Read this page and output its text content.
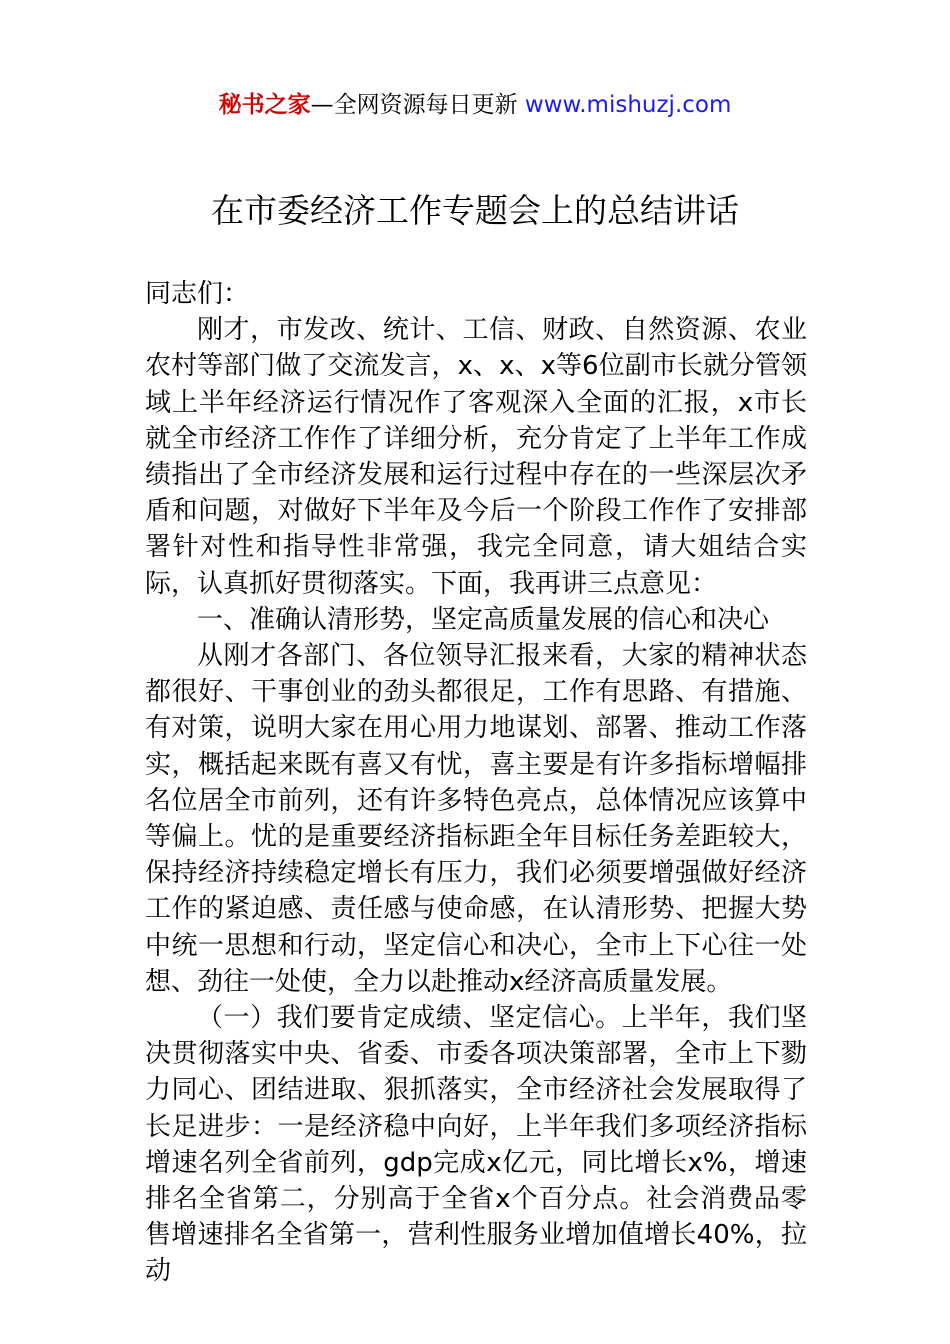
秘书之家—全网资源每日更新 www.mishuzj.com
在市委经济工作专题会上的总结讲话

同志们：

刚才，市发改、统计、工信、财政、自然资源、农业农村等部门做了交流发言，x、x、x等6位副市长就分管领域上半年经济运行情况作了客观深入全面的汇报，x市长就全市经济工作作了详细分析，充分肯定了上半年工作成绩指出了全市经济发展和运行过程中存在的一些深层次矛盾和问题，对做好下半年及今后一个阶段工作作了安排部署针对性和指导性非常强，我完全同意，请大姐结合实际，认真抓好贯彻落实。下面，我再讲三点意见：

一、准确认清形势，坚定高质量发展的信心和决心

从刚才各部门、各位领导汇报来看，大家的精神状态都很好、干事创业的劲头都很足，工作有思路、有措施、有对策，说明大家在用心用力地谋划、部署、推动工作落实，概括起来既有喜又有忧，喜主要是有许多指标增幅排名位居全市前列，还有许多特色亮点，总体情况应该算中等偏上。忧的是重要经济指标距全年目标任务差距较大，保持经济持续稳定增长有压力，我们必须要增强做好经济工作的紧迫感、责任感与使命感，在认清形势、把握大势中统一思想和行动，坚定信心和决心，全市上下心往一处想、劲往一处使，全力以赴推动x经济高质量发展。

（一）我们要肯定成绩、坚定信心。上半年，我们坚决贯彻落实中央、省委、市委各项决策部署，全市上下勠力同心、团结进取、狠抓落实，全市经济社会发展取得了长足进步：一是经济稳中向好，上半年我们多项经济指标增速名列全省前列，gdp完成x亿元，同比增长x%，增速排名全省第二，分别高于全省x个百分点。社会消费品零售增速排名全省第一，营利性服务业增加值增长40%，拉动
